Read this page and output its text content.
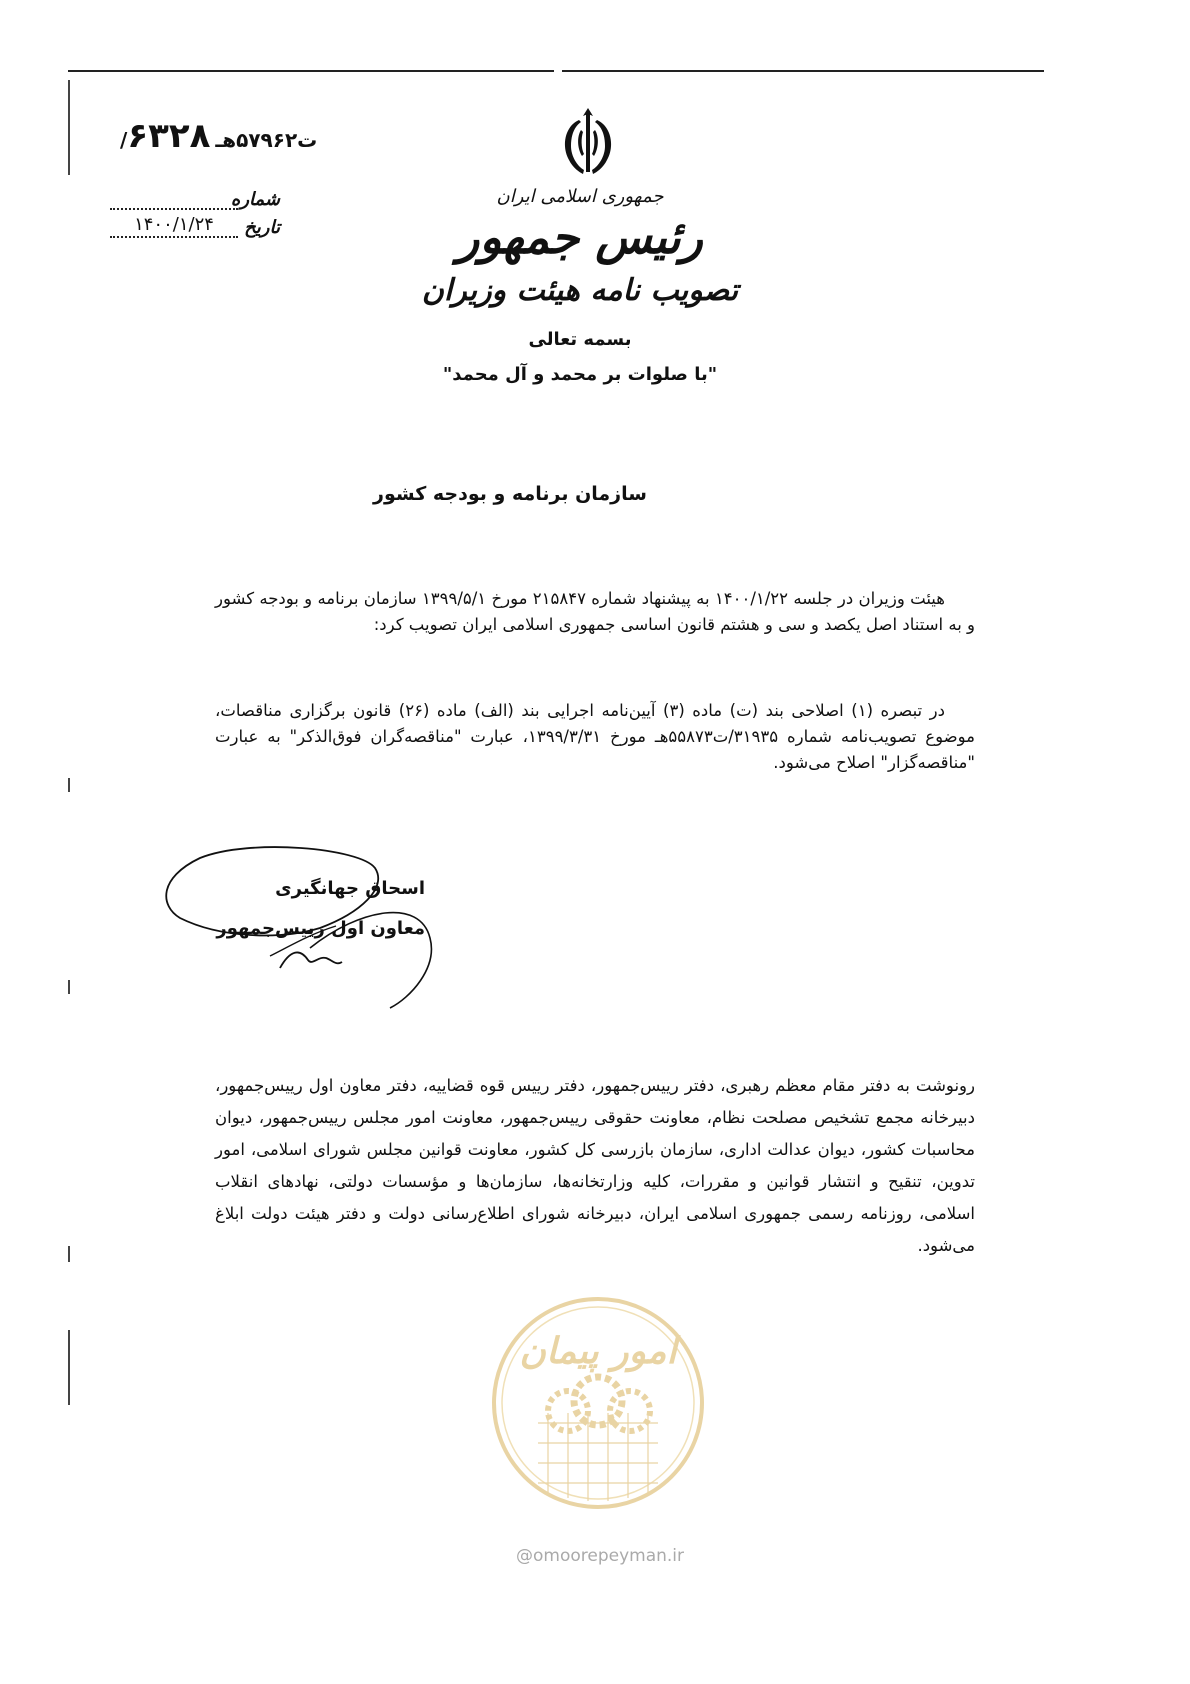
/ت۵۷۹۶۲هـ ۶۳۲۸
شماره
تاریخ
۱۴۰۰/۱/۲۴
جمهوری اسلامی ایران
رئیس جمهور
تصویب نامه هیئت وزیران
بسمه تعالی
"با صلوات بر محمد و آل محمد"
سازمان برنامه و بودجه کشور

هیئت وزیران در جلسه ۱۴۰۰/۱/۲۲ به پیشنهاد شماره ۲۱۵۸۴۷ مورخ ۱۳۹۹/۵/۱ سازمان برنامه و بودجه کشور و به استناد اصل یکصد و سی و هشتم قانون اساسی جمهوری اسلامی ایران تصویب کرد:

در تبصره (۱) اصلاحی بند (ت) ماده (۳) آیین‌نامه اجرایی بند (الف) ماده (۲۶) قانون برگزاری مناقصات، موضوع تصویب‌نامه شماره ۳۱۹۳۵/ت۵۵۸۷۳هـ مورخ ۱۳۹۹/۳/۳۱، عبارت "مناقصه‌گران فوق‌الذکر" به عبارت "مناقصه‌گزار" اصلاح می‌شود.

اسحاق جهانگیری
معاون اول رییس‌جمهور

رونوشت به دفتر مقام معظم رهبری، دفتر رییس‌جمهور، دفتر رییس قوه قضاییه، دفتر معاون اول رییس‌جمهور، دبیرخانه مجمع تشخیص مصلحت نظام، معاونت حقوقی رییس‌جمهور، معاونت امور مجلس رییس‌جمهور، دیوان محاسبات کشور، دیوان عدالت اداری، سازمان بازرسی کل کشور، معاونت قوانین مجلس شورای اسلامی، امور تدوین، تنقیح و انتشار قوانین و مقررات، کلیه وزارتخانه‌ها، سازمان‌ها و مؤسسات دولتی، نهادهای انقلاب اسلامی، روزنامه رسمی جمهوری اسلامی ایران، دبیرخانه شورای اطلاع‌رسانی دولت و دفتر هیئت دولت ابلاغ می‌شود.

امور پیمان
@omoorepeyman.ir
